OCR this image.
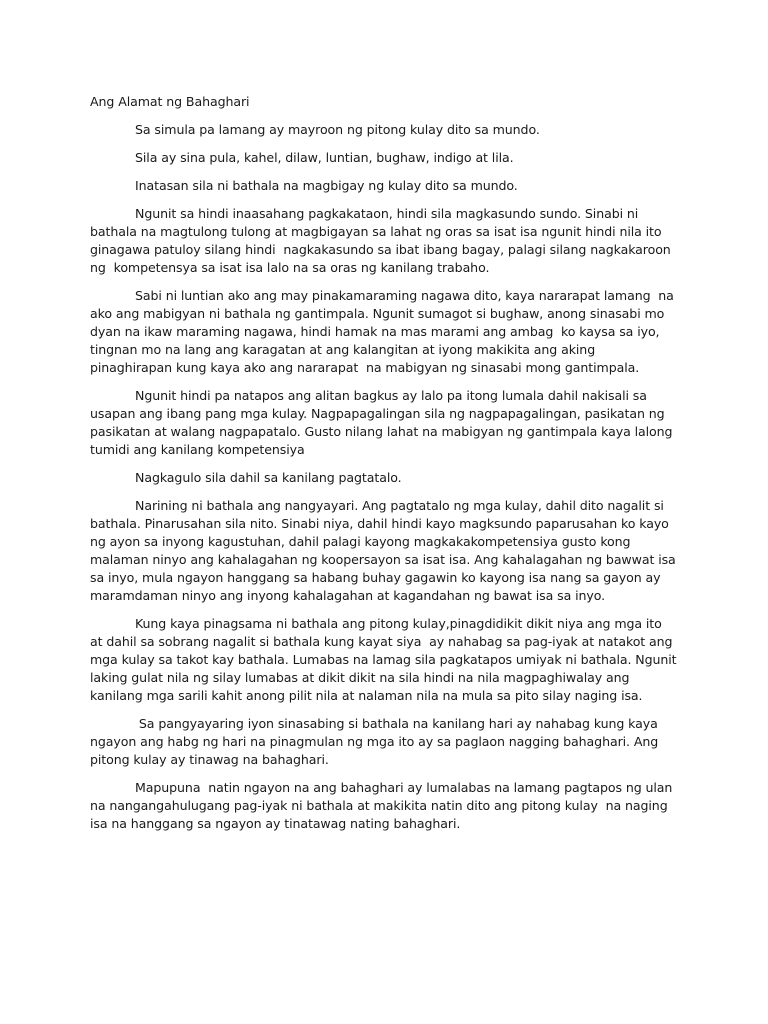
Ang Alamat ng Bahaghari
Sa simula pa lamang ay mayroon ng pitong kulay dito sa mundo.
Sila ay sina pula, kahel, dilaw, luntian, bughaw, indigo at lila.
Inatasan sila ni bathala na magbigay ng kulay dito sa mundo.
Ngunit sa hindi inaasahang pagkakataon, hindi sila magkasundo sundo. Sinabi ni bathala na magtulong tulong at magbigayan sa lahat ng oras sa isat isa ngunit hindi nila ito ginagawa patuloy silang hindi  nagkakasundo sa ibat ibang bagay, palagi silang nagkakaroon ng  kompetensya sa isat isa lalo na sa oras ng kanilang trabaho.
Sabi ni luntian ako ang may pinakamaraming nagawa dito, kaya nararapat lamang  na ako ang mabigyan ni bathala ng gantimpala. Ngunit sumagot si bughaw, anong sinasabi mo dyan na ikaw maraming nagawa, hindi hamak na mas marami ang ambag  ko kaysa sa iyo, tingnan mo na lang ang karagatan at ang kalangitan at iyong makikita ang aking pinaghirapan kung kaya ako ang nararapat  na mabigyan ng sinasabi mong gantimpala.
Ngunit hindi pa natapos ang alitan bagkus ay lalo pa itong lumala dahil nakisali sa usapan ang ibang pang mga kulay. Nagpapagalingan sila ng nagpapagalingan, pasikatan ng pasikatan at walang nagpapatalo. Gusto nilang lahat na mabigyan ng gantimpala kaya lalong tumidi ang kanilang kompetensiya
Nagkagulo sila dahil sa kanilang pagtatalo.
Narining ni bathala ang nangyayari. Ang pagtatalo ng mga kulay, dahil dito nagalit si bathala. Pinarusahan sila nito. Sinabi niya, dahil hindi kayo magksundo paparusahan ko kayo ng ayon sa inyong kagustuhan, dahil palagi kayong magkakakompetensiya gusto kong malaman ninyo ang kahalagahan ng koopersayon sa isat isa. Ang kahalagahan ng bawwat isa sa inyo, mula ngayon hanggang sa habang buhay gagawin ko kayong isa nang sa gayon ay maramdaman ninyo ang inyong kahalagahan at kagandahan ng bawat isa sa inyo.
Kung kaya pinagsama ni bathala ang pitong kulay,pinagdidikit dikit niya ang mga ito at dahil sa sobrang nagalit si bathala kung kayat siya  ay nahabag sa pag-iyak at natakot ang mga kulay sa takot kay bathala. Lumabas na lamag sila pagkatapos umiyak ni bathala. Ngunit laking gulat nila ng silay lumabas at dikit dikit na sila hindi na nila magpaghiwalay ang kanilang mga sarili kahit anong pilit nila at nalaman nila na mula sa pito silay naging isa.
Sa pangyayaring iyon sinasabing si bathala na kanilang hari ay nahabag kung kaya ngayon ang habg ng hari na pinagmulan ng mga ito ay sa paglaon nagging bahaghari. Ang pitong kulay ay tinawag na bahaghari.
Mapupuna  natin ngayon na ang bahaghari ay lumalabas na lamang pagtapos ng ulan na nangangahulugang pag-iyak ni bathala at makikita natin dito ang pitong kulay  na naging isa na hanggang sa ngayon ay tinatawag nating bahaghari.
